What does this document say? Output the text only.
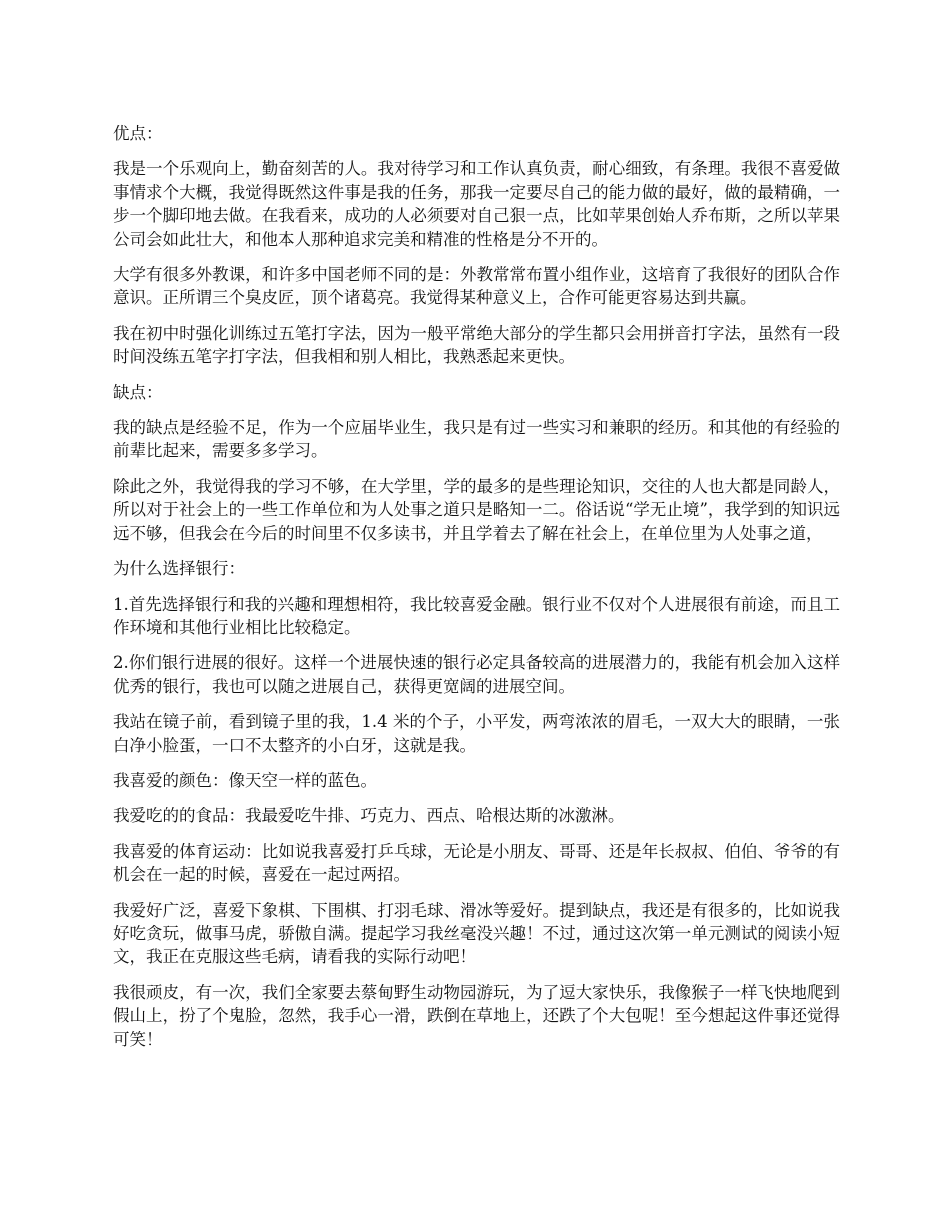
优点：

我是一个乐观向上，勤奋刻苦的人。我对待学习和工作认真负责，耐心细致，有条理。我很不喜爱做事情求个大概，我觉得既然这件事是我的任务，那我一定要尽自己的能力做的最好，做的最精确，一步一个脚印地去做。在我看来，成功的人必须要对自己狠一点，比如苹果创始人乔布斯，之所以苹果公司会如此壮大，和他本人那种追求完美和精准的性格是分不开的。

大学有很多外教课，和许多中国老师不同的是：外教常常布置小组作业，这培育了我很好的团队合作意识。正所谓三个臭皮匠，顶个诸葛亮。我觉得某种意义上，合作可能更容易达到共赢。

我在初中时强化训练过五笔打字法，因为一般平常绝大部分的学生都只会用拼音打字法，虽然有一段时间没练五笔字打字法，但我相和别人相比，我熟悉起来更快。

缺点：

我的缺点是经验不足，作为一个应届毕业生，我只是有过一些实习和兼职的经历。和其他的有经验的前辈比起来，需要多多学习。

除此之外，我觉得我的学习不够，在大学里，学的最多的是些理论知识，交往的人也大都是同龄人，所以对于社会上的一些工作单位和为人处事之道只是略知一二。俗话说“学无止境”，我学到的知识远远不够，但我会在今后的时间里不仅多读书，并且学着去了解在社会上，在单位里为人处事之道，

为什么选择银行：

1.首先选择银行和我的兴趣和理想相符，我比较喜爱金融。银行业不仅对个人进展很有前途，而且工作环境和其他行业相比比较稳定。

2.你们银行进展的很好。这样一个进展快速的银行必定具备较高的进展潜力的，我能有机会加入这样优秀的银行，我也可以随之进展自己，获得更宽阔的进展空间。

我站在镜子前，看到镜子里的我，1.4 米的个子，小平发，两弯浓浓的眉毛，一双大大的眼睛，一张白净小脸蛋，一口不太整齐的小白牙，这就是我。

我喜爱的颜色：像天空一样的蓝色。

我爱吃的的食品：我最爱吃牛排、巧克力、西点、哈根达斯的冰激淋。

我喜爱的体育运动：比如说我喜爱打乒乓球，无论是小朋友、哥哥、还是年长叔叔、伯伯、爷爷的有机会在一起的时候，喜爱在一起过两招。

我爱好广泛，喜爱下象棋、下围棋、打羽毛球、滑冰等爱好。提到缺点，我还是有很多的，比如说我好吃贪玩，做事马虎，骄傲自满。提起学习我丝毫没兴趣！不过，通过这次第一单元测试的阅读小短文，我正在克服这些毛病，请看我的实际行动吧！

我很顽皮，有一次，我们全家要去蔡甸野生动物园游玩，为了逗大家快乐，我像猴子一样飞快地爬到假山上，扮了个鬼脸，忽然，我手心一滑，跌倒在草地上，还跌了个大包呢！至今想起这件事还觉得可笑！
